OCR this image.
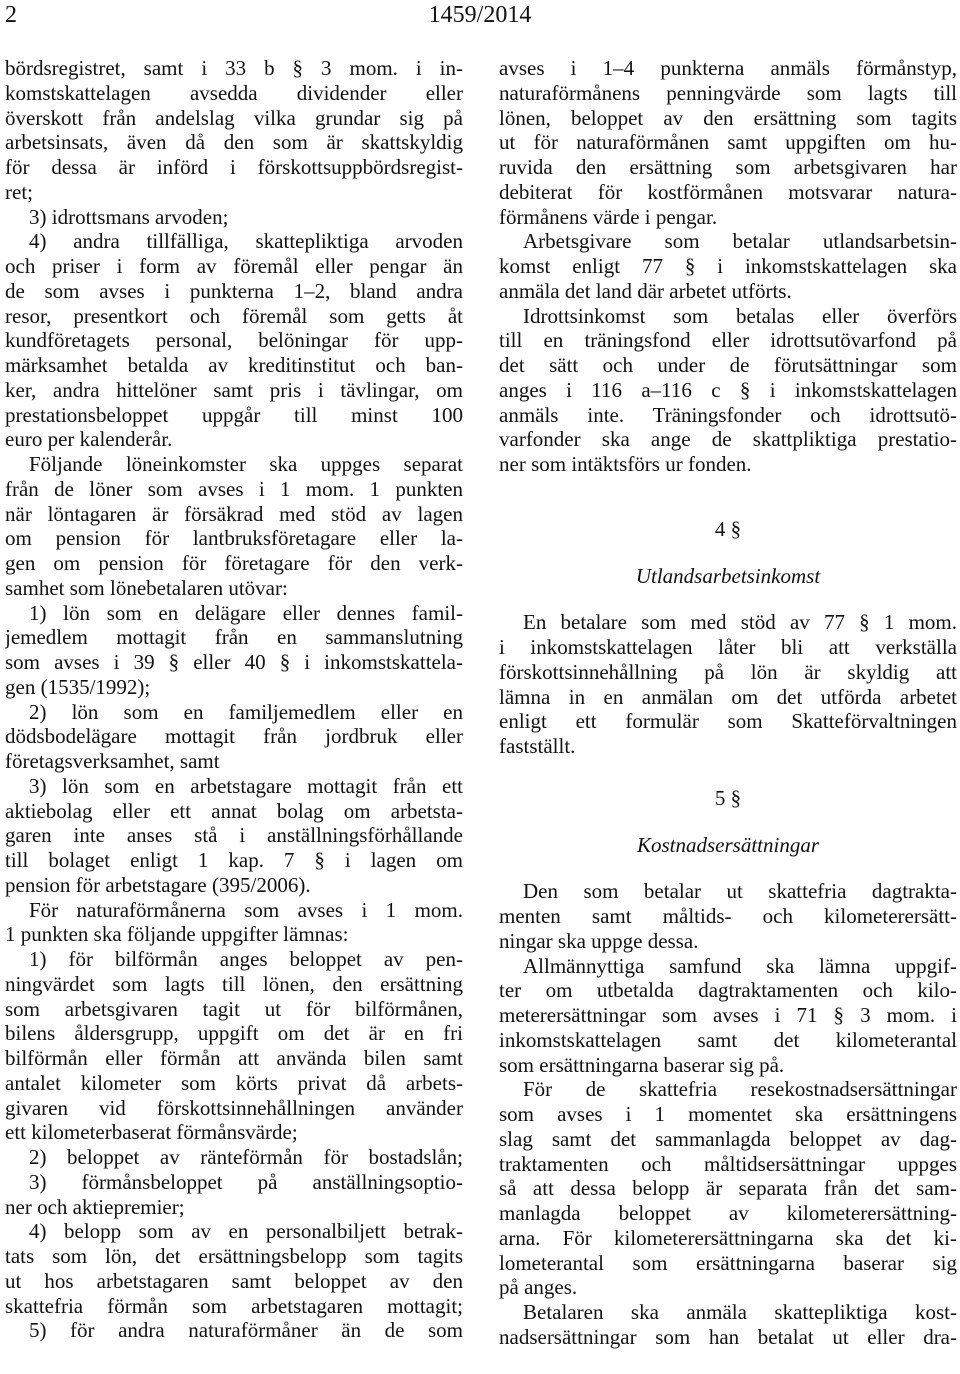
2	1459/2014
bördsregistret, samt i 33 b § 3 mom. i in-
komstskattelagen avsedda dividender eller
överskott från andelslag vilka grundar sig på
arbetsinsats, även då den som är skattskyldig
för dessa är införd i förskottsuppbördsregist-
ret;
3) idrottsmans arvoden;
4) andra tillfälliga, skattepliktiga arvoden
och priser i form av föremål eller pengar än
de som avses i punkterna 1–2, bland andra
resor, presentkort och föremål som getts åt
kundföretagets personal, belöningar för upp-
märksamhet betalda av kreditinstitut och ban-
ker, andra hittelöner samt pris i tävlingar, om
prestationsbeloppet uppgår till minst 100
euro per kalenderår.
Följande löneinkomster ska uppges separat
från de löner som avses i 1 mom. 1 punkten
när löntagaren är försäkrad med stöd av lagen
om pension för lantbruksföretagare eller la-
gen om pension för företagare för den verk-
samhet som lönebetalaren utövar:
1) lön som en delägare eller dennes famil-
jemedlem mottagit från en sammanslutning
som avses i 39 § eller 40 § i inkomstskattela-
gen (1535/1992);
2) lön som en familjemedlem eller en
dödsbodelägare mottagit från jordbruk eller
företagsverksamhet, samt
3) lön som en arbetstagare mottagit från ett
aktiebolag eller ett annat bolag om arbetsta-
garen inte anses stå i anställningsförhållande
till bolaget enligt 1 kap. 7 § i lagen om
pension för arbetstagare (395/2006).
För naturaförmånerna som avses i 1 mom.
1 punkten ska följande uppgifter lämnas:
1) för bilförmån anges beloppet av pen-
ningvärdet som lagts till lönen, den ersättning
som arbetsgivaren tagit ut för bilförmånen,
bilens åldersgrupp, uppgift om det är en fri
bilförmån eller förmån att använda bilen samt
antalet kilometer som körts privat då arbets-
givaren vid förskottsinnehållningen använder
ett kilometerbaserat förmånsvärde;
2) beloppet av ränteförmån för bostadslån;
3) förmånsbeloppet på anställningsoptio-
ner och aktiepremier;
4) belopp som av en personalbiljett betrak-
tats som lön, det ersättningsbelopp som tagits
ut hos arbetstagaren samt beloppet av den
skattefria förmån som arbetstagaren mottagit;
5) för andra naturaförmåner än de som
avses i 1–4 punkterna anmäls förmånstyp,
naturaförmånens penningvärde som lagts till
lönen, beloppet av den ersättning som tagits
ut för naturaförmånen samt uppgiften om hu-
ruvida den ersättning som arbetsgivaren har
debiterat för kostförmånen motsvarar natura-
förmånens värde i pengar.
Arbetsgivare som betalar utlandsarbetsin-
komst enligt 77 § i inkomstskattelagen ska
anmäla det land där arbetet utförts.
Idrottsinkomst som betalas eller överförs
till en träningsfond eller idrottsutövarfond på
det sätt och under de förutsättningar som
anges i 116 a–116 c § i inkomstskattelagen
anmäls inte. Träningsfonder och idrottsutö-
varfonder ska ange de skattpliktiga prestatio-
ner som intäktsförs ur fonden.
4 §
Utlandsarbetsinkomst
En betalare som med stöd av 77 § 1 mom.
i inkomstskattelagen låter bli att verkställa
förskottsinnehållning på lön är skyldig att
lämna in en anmälan om det utförda arbetet
enligt ett formulär som Skatteförvaltningen
fastställt.
5 §
Kostnadsersättningar
Den som betalar ut skattefria dagtrakta-
menten samt måltids- och kilometerersätt-
ningar ska uppge dessa.
Allmännyttiga samfund ska lämna uppgif-
ter om utbetalda dagtraktamenten och kilo-
meterersättningar som avses i 71 § 3 mom. i
inkomstskattelagen samt det kilometerantal
som ersättningarna baserar sig på.
För de skattefria resekostnadsersättningar
som avses i 1 momentet ska ersättningens
slag samt det sammanlagda beloppet av dag-
traktamenten och måltidsersättningar uppges
så att dessa belopp är separata från det sam-
manlagda beloppet av kilometerersättning-
arna. För kilometerersättningarna ska det ki-
lometerantal som ersättningarna baserar sig
på anges.
Betalaren ska anmäla skattepliktiga kost-
nadsersättningar som han betalat ut eller dra-
